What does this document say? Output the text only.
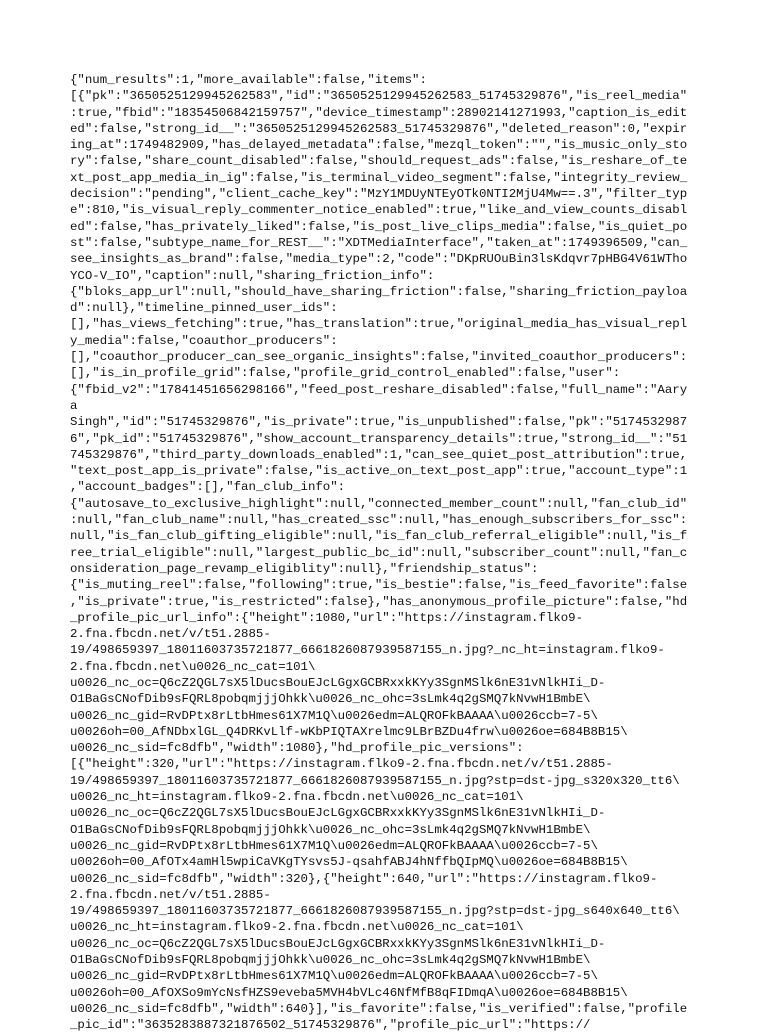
{"num_results":1,"more_available":false,"items":
[{"pk":"3650525129945262583","id":"3650525129945262583_51745329876","is_reel_media"
:true,"fbid":"18354506842159757","device_timestamp":28902141271993,"caption_is_edit
ed":false,"strong_id__":"3650525129945262583_51745329876","deleted_reason":0,"expir
ing_at":1749482909,"has_delayed_metadata":false,"mezql_token":"","is_music_only_sto
ry":false,"share_count_disabled":false,"should_request_ads":false,"is_reshare_of_te
xt_post_app_media_in_ig":false,"is_terminal_video_segment":false,"integrity_review_
decision":"pending","client_cache_key":"MzY1MDUyNTEyOTk0NTI2MjU4Mw==.3","filter_typ
e":810,"is_visual_reply_commenter_notice_enabled":true,"like_and_view_counts_disabl
ed":false,"has_privately_liked":false,"is_post_live_clips_media":false,"is_quiet_po
st":false,"subtype_name_for_REST__":"XDTMediaInterface","taken_at":1749396509,"can_
see_insights_as_brand":false,"media_type":2,"code":"DKpRUOuBin3lsKdqvr7pHBG4V61WTho
YCO-V_IO","caption":null,"sharing_friction_info":
{"bloks_app_url":null,"should_have_sharing_friction":false,"sharing_friction_payloa
d":null},"timeline_pinned_user_ids":
[],"has_views_fetching":true,"has_translation":true,"original_media_has_visual_repl
y_media":false,"coauthor_producers":
[],"coauthor_producer_can_see_organic_insights":false,"invited_coauthor_producers":
[],"is_in_profile_grid":false,"profile_grid_control_enabled":false,"user":
{"fbid_v2":"17841451656298166","feed_post_reshare_disabled":false,"full_name":"Aary
a
Singh","id":"51745329876","is_private":true,"is_unpublished":false,"pk":"5174532987
6","pk_id":"51745329876","show_account_transparency_details":true,"strong_id__":"51
745329876","third_party_downloads_enabled":1,"can_see_quiet_post_attribution":true,
"text_post_app_is_private":false,"is_active_on_text_post_app":true,"account_type":1
,"account_badges":[],"fan_club_info":
{"autosave_to_exclusive_highlight":null,"connected_member_count":null,"fan_club_id"
:null,"fan_club_name":null,"has_created_ssc":null,"has_enough_subscribers_for_ssc":
null,"is_fan_club_gifting_eligible":null,"is_fan_club_referral_eligible":null,"is_f
ree_trial_eligible":null,"largest_public_bc_id":null,"subscriber_count":null,"fan_c
onsideration_page_revamp_eligiblity":null},"friendship_status":
{"is_muting_reel":false,"following":true,"is_bestie":false,"is_feed_favorite":false
,"is_private":true,"is_restricted":false},"has_anonymous_profile_picture":false,"hd
_profile_pic_url_info":{"height":1080,"url":"https://instagram.flko9-
2.fna.fbcdn.net/v/t51.2885-
19/498659397_18011603735721877_6661826087939587155_n.jpg?_nc_ht=instagram.flko9-
2.fna.fbcdn.net\u0026_nc_cat=101\
u0026_nc_oc=Q6cZ2QGL7sX5lDucsBouEJcLGgxGCBRxxkKYy3SgnMSlk6nE31vNlkHIi_D-
O1BaGsCNofDib9sFQRL8pobqmjjjOhkk\u0026_nc_ohc=3sLmk4q2gSMQ7kNvwH1BmbE\
u0026_nc_gid=RvDPtx8rLtbHmes61X7M1Q\u0026edm=ALQROFkBAAAA\u0026ccb=7-5\
u0026oh=00_AfNDbxlGL_Q4DRKvLlf-wKbPIQTAXrelmc9LBrBZDu4frw\u0026oe=684B8B15\
u0026_nc_sid=fc8dfb","width":1080},"hd_profile_pic_versions":
[{"height":320,"url":"https://instagram.flko9-2.fna.fbcdn.net/v/t51.2885-
19/498659397_18011603735721877_6661826087939587155_n.jpg?stp=dst-jpg_s320x320_tt6\
u0026_nc_ht=instagram.flko9-2.fna.fbcdn.net\u0026_nc_cat=101\
u0026_nc_oc=Q6cZ2QGL7sX5lDucsBouEJcLGgxGCBRxxkKYy3SgnMSlk6nE31vNlkHIi_D-
O1BaGsCNofDib9sFQRL8pobqmjjjOhkk\u0026_nc_ohc=3sLmk4q2gSMQ7kNvwH1BmbE\
u0026_nc_gid=RvDPtx8rLtbHmes61X7M1Q\u0026edm=ALQROFkBAAAA\u0026ccb=7-5\
u0026oh=00_AfOTx4amHl5wpiCaVKgTYsvs5J-qsahfABJ4hNffbQIpMQ\u0026oe=684B8B15\
u0026_nc_sid=fc8dfb","width":320},{"height":640,"url":"https://instagram.flko9-
2.fna.fbcdn.net/v/t51.2885-
19/498659397_18011603735721877_6661826087939587155_n.jpg?stp=dst-jpg_s640x640_tt6\
u0026_nc_ht=instagram.flko9-2.fna.fbcdn.net\u0026_nc_cat=101\
u0026_nc_oc=Q6cZ2QGL7sX5lDucsBouEJcLGgxGCBRxxkKYy3SgnMSlk6nE31vNlkHIi_D-
O1BaGsCNofDib9sFQRL8pobqmjjjOhkk\u0026_nc_ohc=3sLmk4q2gSMQ7kNvwH1BmbE\
u0026_nc_gid=RvDPtx8rLtbHmes61X7M1Q\u0026edm=ALQROFkBAAAA\u0026ccb=7-5\
u0026oh=00_AfOXSo9mYcNsfHZS9eveba5MVH4bVLc46NfMfB8qFIDmqA\u0026oe=684B8B15\
u0026_nc_sid=fc8dfb","width":640}],"is_favorite":false,"is_verified":false,"profile
_pic_id":"3635283887321876502_51745329876","profile_pic_url":"https://
